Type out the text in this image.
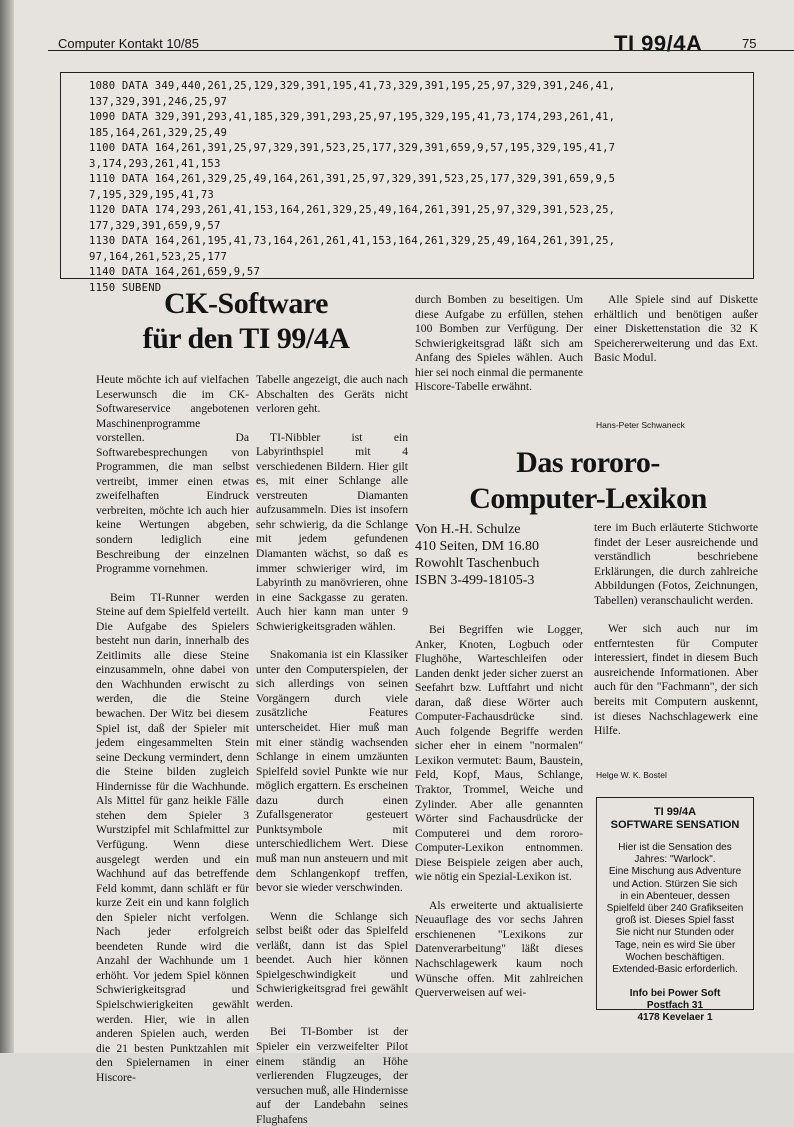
Computer Kontakt 10/85	TI 99/4A	75
1080 DATA 349,440,261,25,129,329,391,195,41,73,329,391,195,25,97,329,391,246,41,
137,329,391,246,25,97
1090 DATA 329,391,293,41,185,329,391,293,25,97,195,329,195,41,73,174,293,261,41,
185,164,261,329,25,49
1100 DATA 164,261,391,25,97,329,391,523,25,177,329,391,659,9,57,195,329,195,41,7
3,174,293,261,41,153
1110 DATA 164,261,329,25,49,164,261,391,25,97,329,391,523,25,177,329,391,659,9,5
7,195,329,195,41,73
1120 DATA 174,293,261,41,153,164,261,329,25,49,164,261,391,25,97,329,391,523,25,
177,329,391,659,9,57
1130 DATA 164,261,195,41,73,164,261,261,41,153,164,261,329,25,49,164,261,391,25,
97,164,261,523,25,177
1140 DATA 164,261,659,9,57
1150 SUBEND CK-Software
für den TI 99/4A

Heute möchte ich auf vielfachen Leserwunsch die im CK-Softwareservice angebotenen Maschinenprogramme vorstellen. Da Softwarebesprechungen von Programmen, die man selbst vertreibt, immer einen etwas zweifelhaften Eindruck verbreiten, möchte ich auch hier keine Wertungen abgeben, sondern lediglich eine Beschreibung der einzelnen Programme vornehmen.

Beim TI-Runner werden Steine auf dem Spielfeld verteilt. Die Aufgabe des Spielers besteht nun darin, innerhalb des Zeitlimits alle diese Steine einzusammeln, ohne dabei von den Wachhunden erwischt zu werden, die die Steine bewachen. Der Witz bei diesem Spiel ist, daß der Spieler mit jedem eingesammelten Stein seine Deckung vermindert, denn die Steine bilden zugleich Hindernisse für die Wachhunde. Als Mittel für ganz heikle Fälle stehen dem Spieler 3 Wurstzipfel mit Schlafmittel zur Verfügung. Wenn diese ausgelegt werden und ein Wachhund auf das betreffende Feld kommt, dann schläft er für kurze Zeit ein und kann folglich den Spieler nicht verfolgen. Nach jeder erfolgreich beendeten Runde wird die Anzahl der Wachhunde um 1 erhöht. Vor jedem Spiel können Schwierigkeitsgrad und Spielschwierigkeiten gewählt werden. Hier, wie in allen anderen Spielen auch, werden die 21 besten Punktzahlen mit den Spielernamen in einer Hiscore-

Tabelle angezeigt, die auch nach Abschalten des Geräts nicht verloren geht.

TI-Nibbler ist ein Labyrinthspiel mit 4 verschiedenen Bildern. Hier gilt es, mit einer Schlange alle verstreuten Diamanten aufzusammeln. Dies ist insofern sehr schwierig, da die Schlange mit jedem gefundenen Diamanten wächst, so daß es immer schwieriger wird, im Labyrinth zu manövrieren, ohne in eine Sackgasse zu geraten. Auch hier kann man unter 9 Schwierigkeitsgraden wählen.

Snakomania ist ein Klassiker unter den Computerspielen, der sich allerdings von seinen Vorgängern durch viele zusätzliche Features unterscheidet. Hier muß man mit einer ständig wachsenden Schlange in einem umzäunten Spielfeld soviel Punkte wie nur möglich ergattern. Es erscheinen dazu durch einen Zufallsgenerator gesteuert Punktsymbole mit unterschiedlichem Wert. Diese muß man nun ansteuern und mit dem Schlangenkopf treffen, bevor sie wieder verschwinden.

Wenn die Schlange sich selbst beißt oder das Spielfeld verläßt, dann ist das Spiel beendet. Auch hier können Spielgeschwindigkeit und Schwierigkeitsgrad frei gewählt werden.

Bei TI-Bomber ist der Spieler ein verzweifelter Pilot einem ständig an Höhe verlierenden Flugzeuges, der versuchen muß, alle Hindernisse auf der Landebahn seines Flughafens

durch Bomben zu beseitigen. Um diese Aufgabe zu erfüllen, stehen 100 Bomben zur Verfügung. Der Schwierigkeitsgrad läßt sich am Anfang des Spieles wählen. Auch hier sei noch einmal die permanente Hiscore-Tabelle erwähnt.

Alle Spiele sind auf Diskette erhältlich und benötigen außer einer Diskettenstation die 32 K Speichererweiterung und das Ext. Basic Modul.

Hans-Peter Schwaneck
Das rororo-
Computer-Lexikon
Von H.-H. Schulze
410 Seiten, DM 16.80
Rowohlt Taschenbuch
ISBN 3-499-18105-3

Bei Begriffen wie Logger, Anker, Knoten, Logbuch oder Flughöhe, Warteschleifen oder Landen denkt jeder sicher zuerst an Seefahrt bzw. Luftfahrt und nicht daran, daß diese Wörter auch Computer-Fachausdrücke sind. Auch folgende Begriffe werden sicher eher in einem "normalen" Lexikon vermutet: Baum, Baustein, Feld, Kopf, Maus, Schlange, Traktor, Trommel, Weiche und Zylinder. Aber alle genannten Wörter sind Fachausdrücke der Computerei und dem rororo-Computer-Lexikon entnommen. Diese Beispiele zeigen aber auch, wie nötig ein Spezial-Lexikon ist.

Als erweiterte und aktualisierte Neuauflage des vor sechs Jahren erschienenen "Lexikons zur Datenverarbeitung" läßt dieses Nachschlagewerk kaum noch Wünsche offen. Mit zahlreichen Querverweisen auf wei-

tere im Buch erläuterte Stichworte findet der Leser ausreichende und verständlich beschriebene Erklärungen, die durch zahlreiche Abbildungen (Fotos, Zeichnungen, Tabellen) veranschaulicht werden.

Wer sich auch nur im entferntesten für Computer interessiert, findet in diesem Buch ausreichende Informationen. Aber auch für den "Fachmann", der sich bereits mit Computern auskennt, ist dieses Nachschlagewerk eine Hilfe.

Helge W. K. Bostel
TI 99/4A
SOFTWARE SENSATION
Hier ist die Sensation des
Jahres: "Warlock".
Eine Mischung aus Adventure
und Action. Stürzen Sie sich
in ein Abenteuer, dessen
Spielfeld über 240 Grafikseiten
groß ist. Dieses Spiel fasst
Sie nicht nur Stunden oder
Tage, nein es wird Sie über
Wochen beschäftigen.
Extended-Basic erforderlich.
Info bei Power Soft
Postfach 31
4178 Kevelaer 1
